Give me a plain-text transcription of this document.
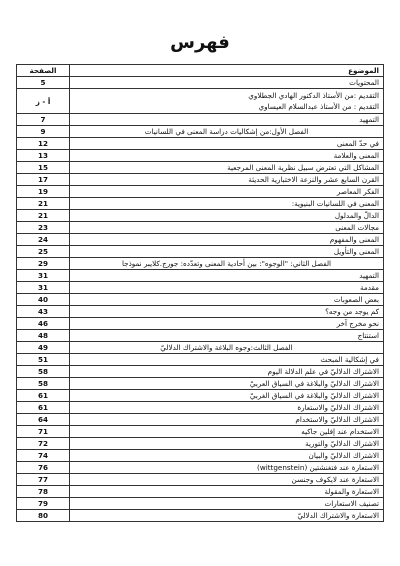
فهرس
الموضوع	الصفحة
المحتويات	5
التقديم :من الأستاذ الدكتور الهادي الجطلاوي
التقديم : من الأستاذ عبدالسلام العيساوي	أ - ز
التمهيد	7
الفصل الأول:من إشكاليات دراسة المعنى في اللسانيات	9
في حدّ المعنى	12
المعنى والعلامة	13
المشاكل التي تعترض سبيل نظرية المعنى المرجعية	15
القرن السابع عشر والنزعة الاختبارية الحديثة	17
الفكر المعاصر	19
المعنى في اللسانيات البنيوية:	21
الدالّ والمدلول	21
مجالات المعنى	23
المعنى والمفهوم	24
المعنى والتأويل	25
الفصل الثاني: "الوجوه": بين أحادية المعنى وتعدّده: جورج.كلايبر نموذجا	29
التمهيد	31
مقدمة	31
بعض الصعوبات	40
كم يوجد من وجه؟	43
نحو مخرج آخر	46
استنتاج	48
الفصل الثالث:وجوه البلاغة والاشتراك الدلاليّ	49
في إشكالية المبحث	51
الاشتراك الدلاليّ في علم الدلالة اليوم	58
الاشتراك الدلاليّ والبلاغة في السياق العربيّ	58
الاشتراك الدلاليّ والبلاغة في السياق الغربيّ	61
الاشتراك الدلاليّ والاستعارة	61
الاشتراك الدلاليّ والاستخدام	64
الاستخدام عند إفلين جاكيه	71
الاشتراك الدلاليّ والتورية	72
الاشتراك الدلاليّ والبيان	74
الاستعارة عند فتغنشتين (wittgenstein)	76
الاستعارة عند لايكوف وجنسن	77
الاستعارة والمقولة	78
تصنيف الاستعارات	79
الاستعارة والاشتراك الدلاليّ	80
